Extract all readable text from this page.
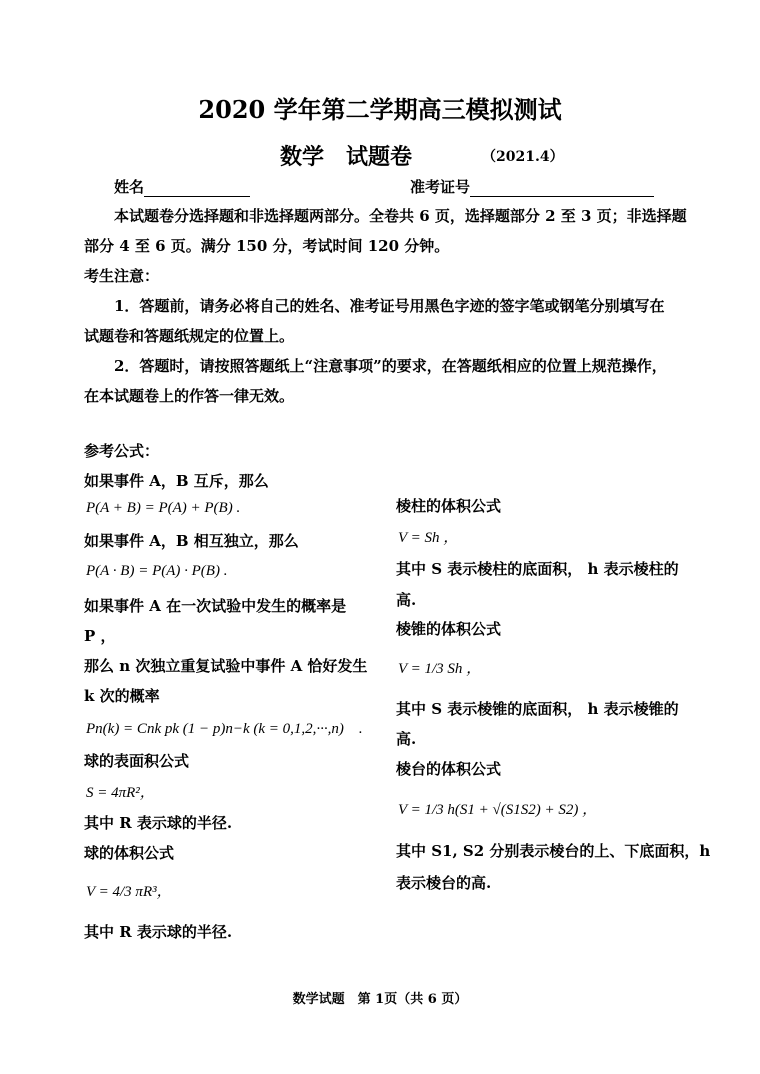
2020 学年第二学期高三模拟测试
数学　试题卷	（2021.4）
姓名	准考证号
本试题卷分选择题和非选择题两部分。全卷共 6 页，选择题部分 2 至 3 页；非选择题
部分 4 至 6 页。满分 150 分，考试时间 120 分钟。
考生注意：
1．答题前，请务必将自己的姓名、准考证号用黑色字迹的签字笔或钢笔分别填写在
试题卷和答题纸规定的位置上。
2．答题时，请按照答题纸上“注意事项”的要求，在答题纸相应的位置上规范操作，
在本试题卷上的作答一律无效。
参考公式：
如果事件 A，B 互斥，那么
P(A + B) = P(A) + P(B) .
如果事件 A，B 相互独立，那么
P(A · B) = P(A) · P(B) .
如果事件 A 在一次试验中发生的概率是
P ，
那么 n 次独立重复试验中事件 A 恰好发生
k 次的概率
Pn(k) = Cnk pk (1 − p)n−k (k = 0,1,2,···,n)　.
球的表面积公式
S = 4πR²，
其中 R 表示球的半径.
球的体积公式
V = 4/3 πR³，
其中 R 表示球的半径.
棱柱的体积公式
V = Sh ，
其中 S 表示棱柱的底面积， h 表示棱柱的
高.
棱锥的体积公式
V = 1/3 Sh ，
其中 S 表示棱锥的底面积， h 表示棱锥的
高.
棱台的体积公式
V = 1/3 h(S1 + √(S1S2) + S2) ，
其中 S1, S2 分别表示棱台的上、下底面积，h
表示棱台的高.
数学试题　第 1页（共 6 页）
